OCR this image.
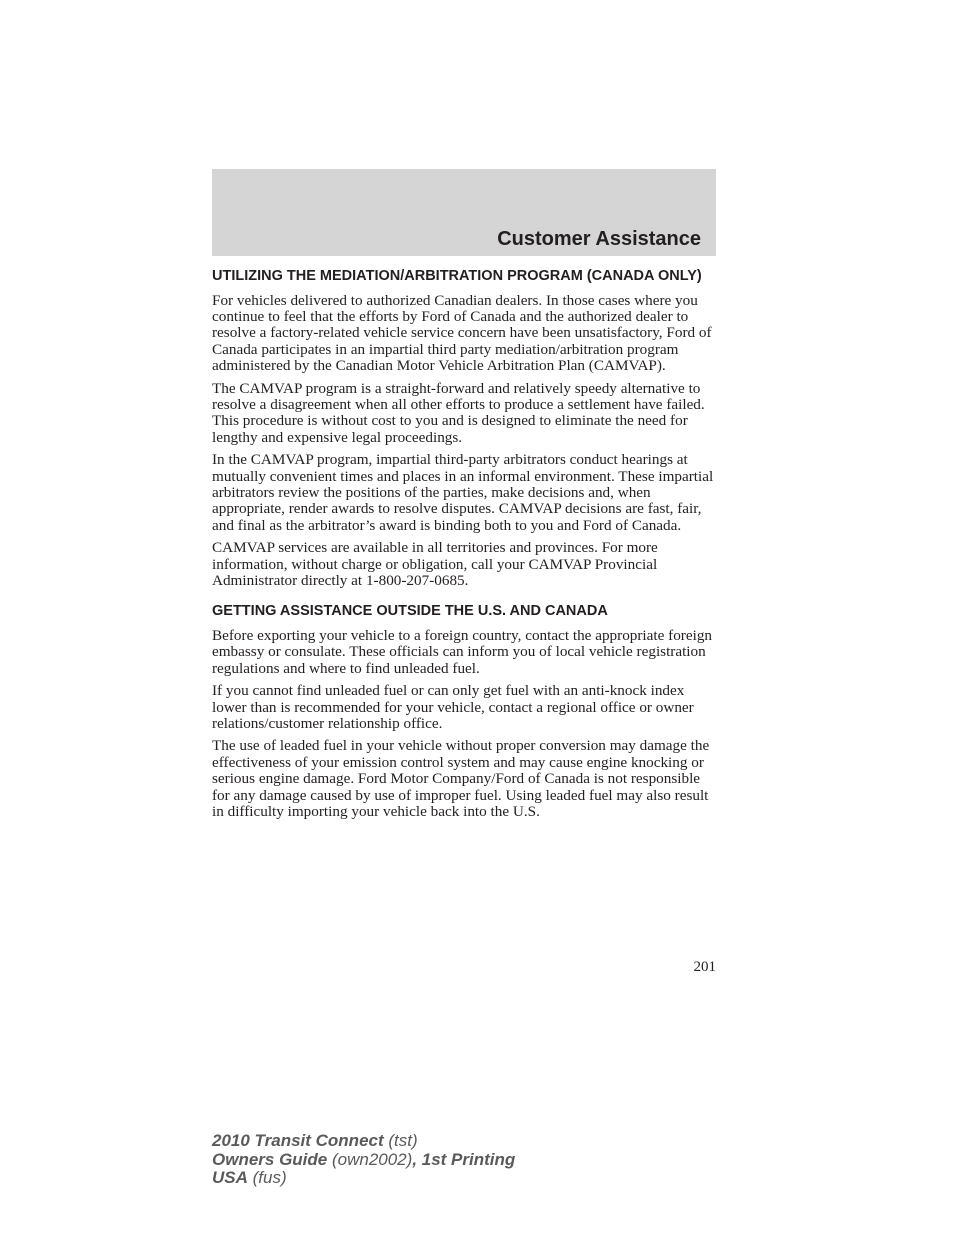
Customer Assistance
UTILIZING THE MEDIATION/ARBITRATION PROGRAM (CANADA ONLY)

For vehicles delivered to authorized Canadian dealers. In those cases where you continue to feel that the efforts by Ford of Canada and the authorized dealer to resolve a factory-related vehicle service concern have been unsatisfactory, Ford of Canada participates in an impartial third party mediation/arbitration program administered by the Canadian Motor Vehicle Arbitration Plan (CAMVAP).

The CAMVAP program is a straight-forward and relatively speedy alternative to resolve a disagreement when all other efforts to produce a settlement have failed. This procedure is without cost to you and is designed to eliminate the need for lengthy and expensive legal proceedings.

In the CAMVAP program, impartial third-party arbitrators conduct hearings at mutually convenient times and places in an informal environment. These impartial arbitrators review the positions of the parties, make decisions and, when appropriate, render awards to resolve disputes. CAMVAP decisions are fast, fair, and final as the arbitrator’s award is binding both to you and Ford of Canada.

CAMVAP services are available in all territories and provinces. For more information, without charge or obligation, call your CAMVAP Provincial Administrator directly at 1-800-207-0685.

GETTING ASSISTANCE OUTSIDE THE U.S. AND CANADA

Before exporting your vehicle to a foreign country, contact the appropriate foreign embassy or consulate. These officials can inform you of local vehicle registration regulations and where to find unleaded fuel.

If you cannot find unleaded fuel or can only get fuel with an anti-knock index lower than is recommended for your vehicle, contact a regional office or owner relations/customer relationship office.

The use of leaded fuel in your vehicle without proper conversion may damage the effectiveness of your emission control system and may cause engine knocking or serious engine damage. Ford Motor Company/Ford of Canada is not responsible for any damage caused by use of improper fuel. Using leaded fuel may also result in difficulty importing your vehicle back into the U.S.

201
2010 Transit Connect (tst)
Owners Guide (own2002), 1st Printing
USA (fus)
